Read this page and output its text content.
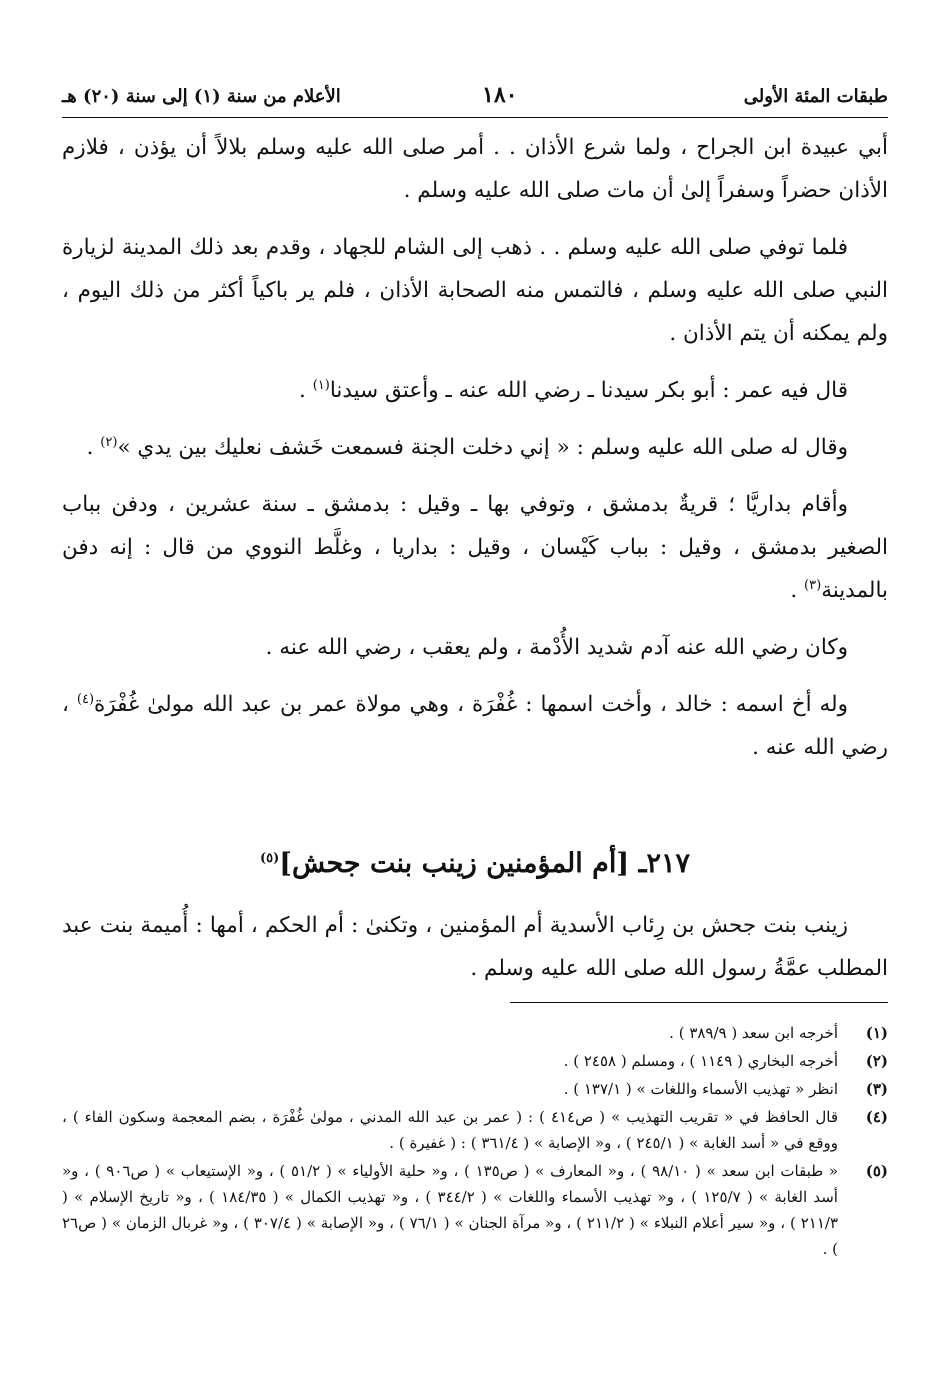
طبقات المئة الأولى
١٨٠
الأعلام من سنة (١) إلى سنة (٢٠) هـ

أبي عبيدة ابن الجراح ، ولما شرع الأذان . . أمر صلى الله عليه وسلم بلالاً أن يؤذن ، فلازم الأذان حضراً وسفراً إلىٰ أن مات صلى الله عليه وسلم .

فلما توفي صلى الله عليه وسلم . . ذهب إلى الشام للجهاد ، وقدم بعد ذلك المدينة لزيارة النبي صلى الله عليه وسلم ، فالتمس منه الصحابة الأذان ، فلم ير باكياً أكثر من ذلك اليوم ، ولم يمكنه أن يتم الأذان .

قال فيه عمر : أبو بكر سيدنا ـ رضي الله عنه ـ وأعتق سيدنا$^{(١)}$ .

وقال له صلى الله عليه وسلم : « إني دخلت الجنة فسمعت خَشف نعليك بين يدي »$^{(٢)}$ .

وأقام بداريَّا ؛ قريةٌ بدمشق ، وتوفي بها ـ وقيل : بدمشق ـ سنة عشرين ، ودفن بباب الصغير بدمشق ، وقيل : بباب كَيْسان ، وقيل : بداريا ، وغلَّط النووي من قال : إنه دفن بالمدينة$^{(٣)}$ .

وكان رضي الله عنه آدم شديد الأُدْمة ، ولم يعقب ، رضي الله عنه .

وله أخ اسمه : خالد ، وأخت اسمها : غُفْرَة ، وهي مولاة عمر بن عبد الله مولىٰ غُفْرَة$^{(٤)}$ ، رضي الله عنه .

٢١٧ـ [أم المؤمنين زينب بنت جحش]$^{(٥)}$

زينب بنت جحش بن رِئاب الأسدية أم المؤمنين ، وتكنىٰ : أم الحكم ، أمها : أُميمة بنت عبد المطلب عمَّةُ رسول الله صلى الله عليه وسلم .

(١)
أخرجه ابن سعد ( ٣٨٩/٩ ) .
(٢)
أخرجه البخاري ( ١١٤٩ ) ، ومسلم ( ٢٤٥٨ ) .
(٣)
انظر « تهذيب الأسماء واللغات » ( ١٣٧/١ ) .
(٤)
قال الحافظ في « تقريب التهذيب » ( ص٤١٤ ) : ( عمر بن عبد الله المدني ، مولىٰ غُفْرَة ، بضم المعجمة وسكون الفاء ) ، ووقع في « أسد الغابة » ( ٢٤٥/١ ) ، و« الإصابة » ( ٣٦١/٤ ) : ( غفيرة ) .
(٥)
« طبقات ابن سعد » ( ٩٨/١٠ ) ، و« المعارف » ( ص١٣٥ ) ، و« حلية الأولياء » ( ٥١/٢ ) ، و« الإستيعاب » ( ص٩٠٦ ) ، و« أسد الغابة » ( ١٢٥/٧ ) ، و« تهذيب الأسماء واللغات » ( ٣٤٤/٢ ) ، و« تهذيب الكمال » ( ١٨٤/٣٥ ) ، و« تاريخ الإسلام » ( ٢١١/٣ ) ، و« سير أعلام النبلاء » ( ٢١١/٢ ) ، و« مرآة الجنان » ( ٧٦/١ ) ، و« الإصابة » ( ٣٠٧/٤ ) ، و« غربال الزمان » ( ص٢٦ ) .
